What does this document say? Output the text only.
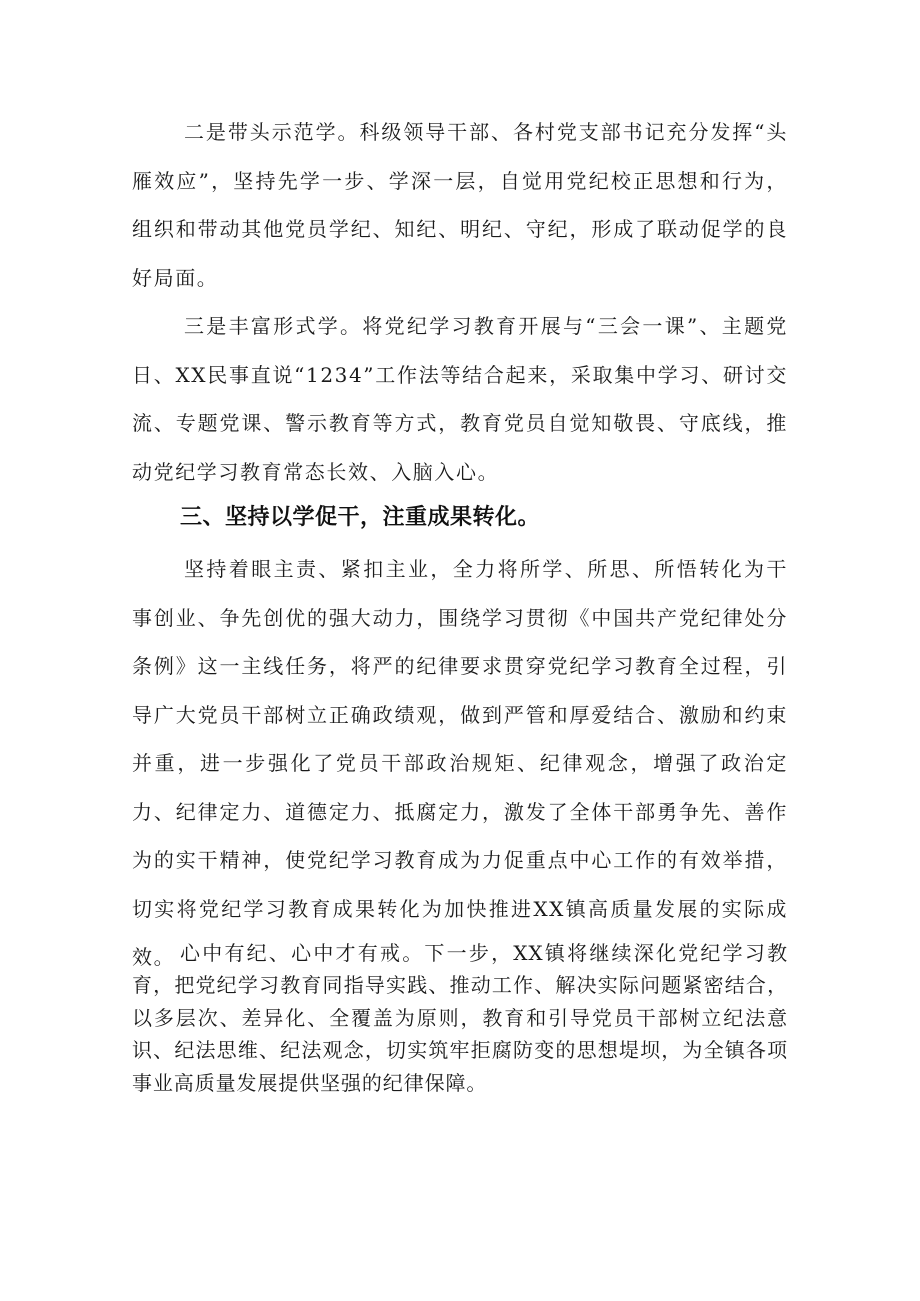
二是带头示范学。科级领导干部、各村党支部书记充分发挥“头雁效应”，坚持先学一步、学深一层，自觉用党纪校正思想和行为，组织和带动其他党员学纪、知纪、明纪、守纪，形成了联动促学的良好局面。

三是丰富形式学。将党纪学习教育开展与“三会一课”、主题党日、XX民事直说“1234”工作法等结合起来，采取集中学习、研讨交流、专题党课、警示教育等方式，教育党员自觉知敬畏、守底线，推动党纪学习教育常态长效、入脑入心。

三、坚持以学促干，注重成果转化。

坚持着眼主责、紧扣主业，全力将所学、所思、所悟转化为干事创业、争先创优的强大动力，围绕学习贯彻《中国共产党纪律处分条例》这一主线任务，将严的纪律要求贯穿党纪学习教育全过程，引导广大党员干部树立正确政绩观，做到严管和厚爱结合、激励和约束并重，进一步强化了党员干部政治规矩、纪律观念，增强了政治定力、纪律定力、道德定力、抵腐定力，激发了全体干部勇争先、善作为的实干精神，使党纪学习教育成为力促重点中心工作的有效举措，切实将党纪学习教育成果转化为加快推进XX镇高质量发展的实际成效。 心中有纪、心中才有戒。下一步，XX镇将继续深化党纪学习教育，把党纪学习教育同指导实践、推动工作、解决实际问题紧密结合，以多层次、差异化、全覆盖为原则，教育和引导党员干部树立纪法意识、纪法思维、纪法观念，切实筑牢拒腐防变的思想堤坝，为全镇各项事业高质量发展提供坚强的纪律保障。
